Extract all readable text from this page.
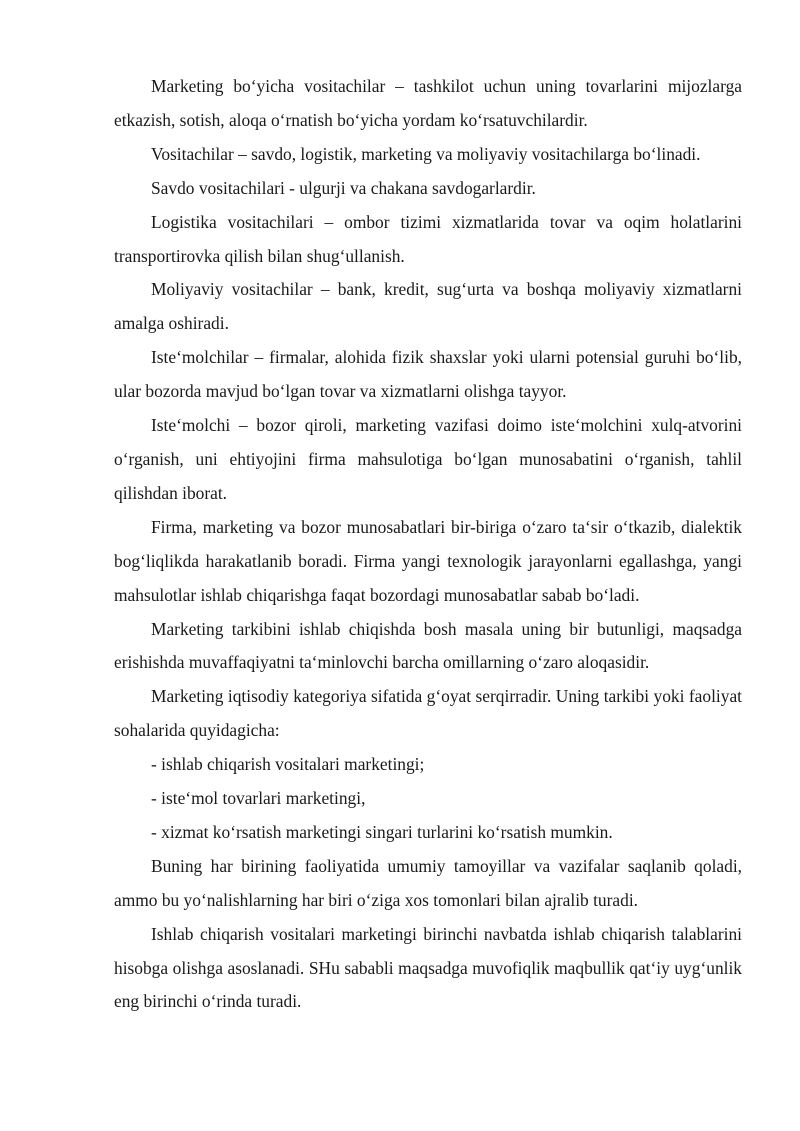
Marketing bo‘yicha vositachilar – tashkilot uchun uning tovarlarini mijozlarga etkazish, sotish, aloqa o‘rnatish bo‘yicha yordam ko‘rsatuvchilardir.

Vositachilar – savdo, logistik, marketing va moliyaviy vositachilarga bo‘linadi.

Savdo vositachilari - ulgurji va chakana savdogarlardir.

Logistika vositachilari – ombor tizimi xizmatlarida tovar va oqim holatlarini transportirovka qilish bilan shug‘ullanish.

Moliyaviy vositachilar – bank, kredit, sug‘urta va boshqa moliyaviy xizmatlarni amalga oshiradi.

Iste‘molchilar – firmalar, alohida fizik shaxslar yoki ularni potensial guruhi bo‘lib, ular bozorda mavjud bo‘lgan tovar va xizmatlarni olishga tayyor.

Iste‘molchi – bozor qiroli, marketing vazifasi doimo iste‘molchini xulq-atvorini o‘rganish, uni ehtiyojini firma mahsulotiga bo‘lgan munosabatini o‘rganish, tahlil qilishdan iborat.

Firma, marketing va bozor munosabatlari bir-biriga o‘zaro ta‘sir o‘tkazib, dialektik bog‘liqlikda harakatlanib boradi. Firma yangi texnologik jarayonlarni egallashga, yangi mahsulotlar ishlab chiqarishga faqat bozordagi munosabatlar sabab bo‘ladi.

Marketing tarkibini ishlab chiqishda bosh masala uning bir butunligi, maqsadga erishishda muvaffaqiyatni ta‘minlovchi barcha omillarning o‘zaro aloqasidir.

Marketing iqtisodiy kategoriya sifatida g‘oyat serqirradir. Uning tarkibi yoki faoliyat sohalarida quyidagicha:

- ishlab chiqarish vositalari marketingi;

- iste‘mol tovarlari marketingi,

- xizmat ko‘rsatish marketingi singari turlarini ko‘rsatish mumkin.

Buning har birining faoliyatida umumiy tamoyillar va vazifalar saqlanib qoladi, ammo bu yo‘nalishlarning har biri o‘ziga xos tomonlari bilan ajralib turadi.

Ishlab chiqarish vositalari marketingi birinchi navbatda ishlab chiqarish talablarini hisobga olishga asoslanadi. SHu sababli maqsadga muvofiqlik maqbullik qat‘iy uyg‘unlik eng birinchi o‘rinda turadi.
